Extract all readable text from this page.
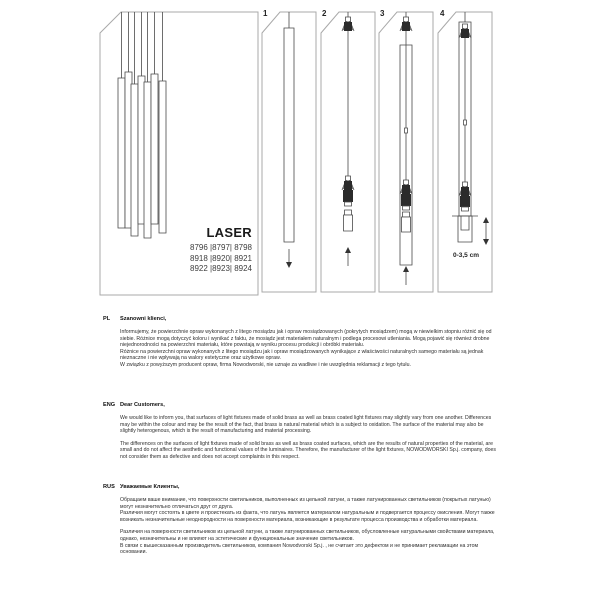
1	2	3	4
LASER
8796 |8797| 8798
8918 |8920| 8921
8922 |8923| 8924
0-3,5 cm
PL Szanowni klienci,

Informujemy, że powierzchnie opraw wykonanych z litego mosiądzu jak i opraw mosiądzowanych (pokrytych mosiądzem) mogą w niewielkim stopniu różnić się od siebie. Różnice mogą dotyczyć koloru i wynikać z faktu, że mosiądz jest materiałem naturalnym i podlega procesowi utleniania. Mogą pojawić się również drobne niejednorodności na powierzchni materiału, które powstają w wyniku procesu produkcji i obróbki materiału.

Różnice na powierzchni opraw wykonanych z litego mosiądzu jak i opraw mosiądzowanych wynikające z właściwości naturalnych samego materiału są jednak nieznaczne i nie wpływają na walory estetyczne oraz użytkowe opraw.

W związku z powyższym producent opraw, firma Nowodworski, nie uznaje za wadliwe i nie uwzględnia reklamacji z tego tytułu.

ENG Dear Customers,

We would like to inform you, that surfaces of light fixtures made of solid brass as well as brass coated light fixtures may slightly vary from one another. Differences may be within the colour and may be the result of the fact, that brass is natural material which is a subject to oxidation. The surface of the material may also be slightly heterogenous, which is the result of manufacturing and material processing.

The differences on the surfaces of light fixtures made of solid brass as well as brass coated surfaces, which are the results of natural properties of the material, are small and do not affect the aesthetic and functional values of the luminaires. Therefore, the manufacturer of the light fixtures, NOWODWORSKI Sp.j. company, does not consider them as defective and does not accept complaints in this respect.

RUS Уважаемые Клиенты,

Обращаем ваше внимание, что поверхности светильников, выполненных из цельной латуни, а также латунированных светильников (покрытых латунью) могут незначительно отличаться друг от друга.

Различия могут состоять в цвете и проистекать из факта, что латунь является материалом натуральным и подвергается процессу окисления. Могут также возникать незначительные неоднородности на поверхности материала, возникающие в результате процесса производства и обработки материала.

Различия на поверхности светильников из цельной латуни, а также латунированных светильников, обусловленные натуральными свойствами материала, однако, незначительны и не влияют на эстетические и функциональные значение светильников.

В связи с вышесказанным производитель светильников, компания Nowodvorski Sp.j. , не считает это дефектом и не принимает рекламации на этом основании.
